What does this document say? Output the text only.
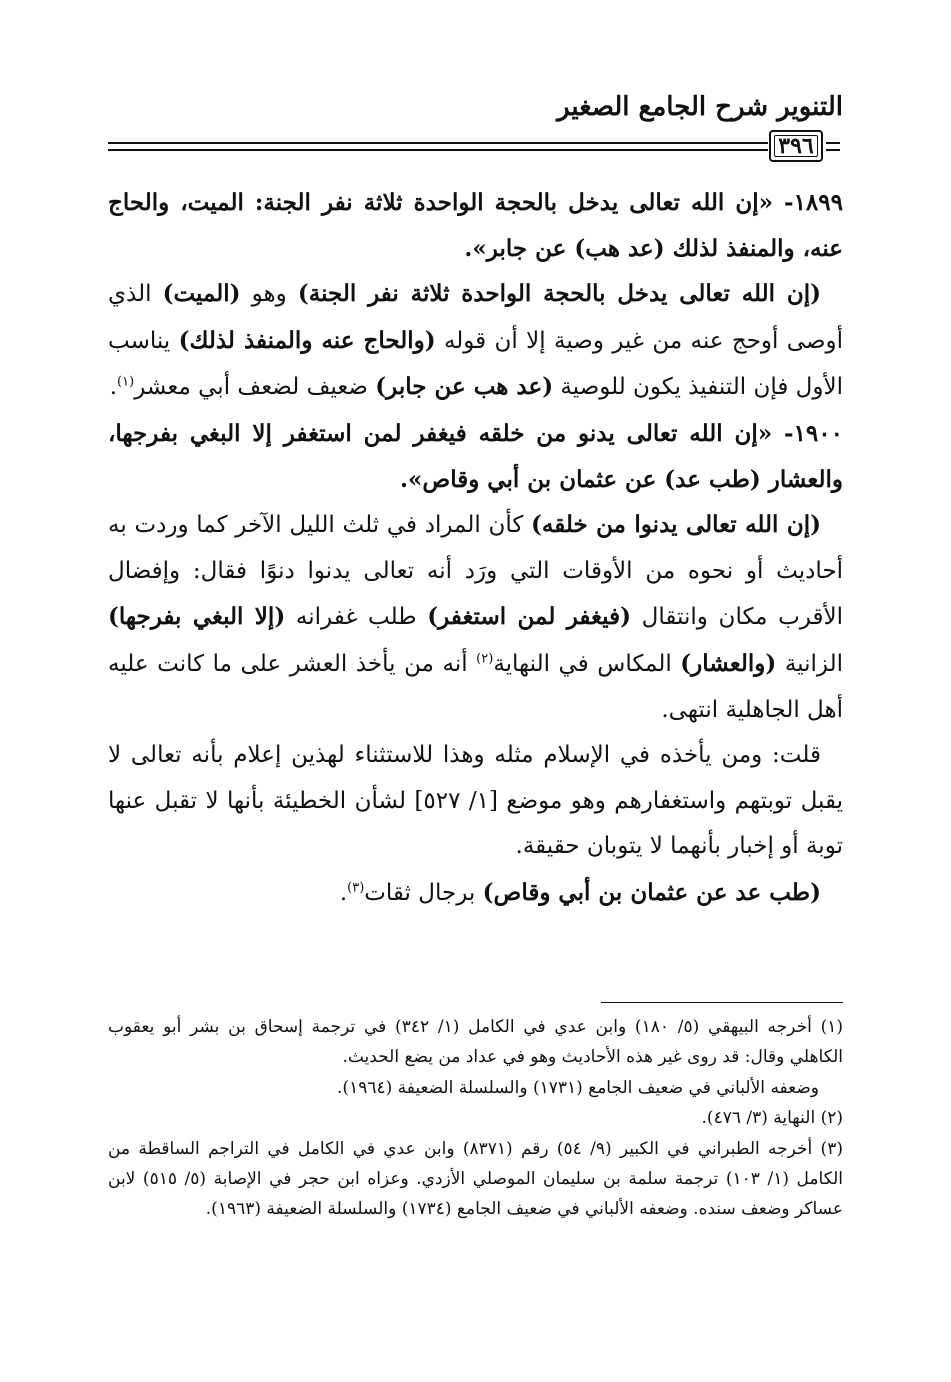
التنوير شرح الجامع الصغير
٣٩٦

١٨٩٩- «إن الله تعالى يدخل بالحجة الواحدة ثلاثة نفر الجنة: الميت، والحاج عنه، والمنفذ لذلك (عد هب) عن جابر».

(إن الله تعالى يدخل بالحجة الواحدة ثلاثة نفر الجنة) وهو (الميت) الذي أوصى أوحج عنه من غير وصية إلا أن قوله (والحاج عنه والمنفذ لذلك) يناسب الأول فإن التنفيذ يكون للوصية (عد هب عن جابر) ضعيف لضعف أبي معشر$^{(١)}$.

١٩٠٠- «إن الله تعالى يدنو من خلقه فيغفر لمن استغفر إلا البغي بفرجها، والعشار (طب عد) عن عثمان بن أبي وقاص».

(إن الله تعالى يدنوا من خلقه) كأن المراد في ثلث الليل الآخر كما وردت به أحاديث أو نحوه من الأوقات التي ورَد أنه تعالى يدنوا دنوًا فقال: وإفضال الأقرب مكان وانتقال (فيغفر لمن استغفر) طلب غفرانه (إلا البغي بفرجها) الزانية (والعشار) المكاس في النهاية$^{(٢)}$ أنه من يأخذ العشر على ما كانت عليه أهل الجاهلية انتهى.

قلت: ومن يأخذه في الإسلام مثله وهذا للاستثناء لهذين إعلام بأنه تعالى لا يقبل توبتهم واستغفارهم وهو موضع [١/ ٥٢٧] لشأن الخطيئة بأنها لا تقبل عنها توبة أو إخبار بأنهما لا يتوبان حقيقة.

(طب عد عن عثمان بن أبي وقاص) برجال ثقات$^{(٣)}$.

(١) أخرجه البيهقي (٥/ ١٨٠) وابن عدي في الكامل (١/ ٣٤٢) في ترجمة إسحاق بن بشر أبو يعقوب الكاهلي وقال: قد روى غير هذه الأحاديث وهو في عداد من يضع الحديث.

وضعفه الألباني في ضعيف الجامع (١٧٣١) والسلسلة الضعيفة (١٩٦٤).

(٢) النهاية (٣/ ٤٧٦).

(٣) أخرجه الطبراني في الكبير (٩/ ٥٤) رقم (٨٣٧١) وابن عدي في الكامل في التراجم الساقطة من الكامل (١/ ١٠٣) ترجمة سلمة بن سليمان الموصلي الأزدي. وعزاه ابن حجر في الإصابة (٥/ ٥١٥) لابن عساكر وضعف سنده. وضعفه الألباني في ضعيف الجامع (١٧٣٤) والسلسلة الضعيفة (١٩٦٣).
